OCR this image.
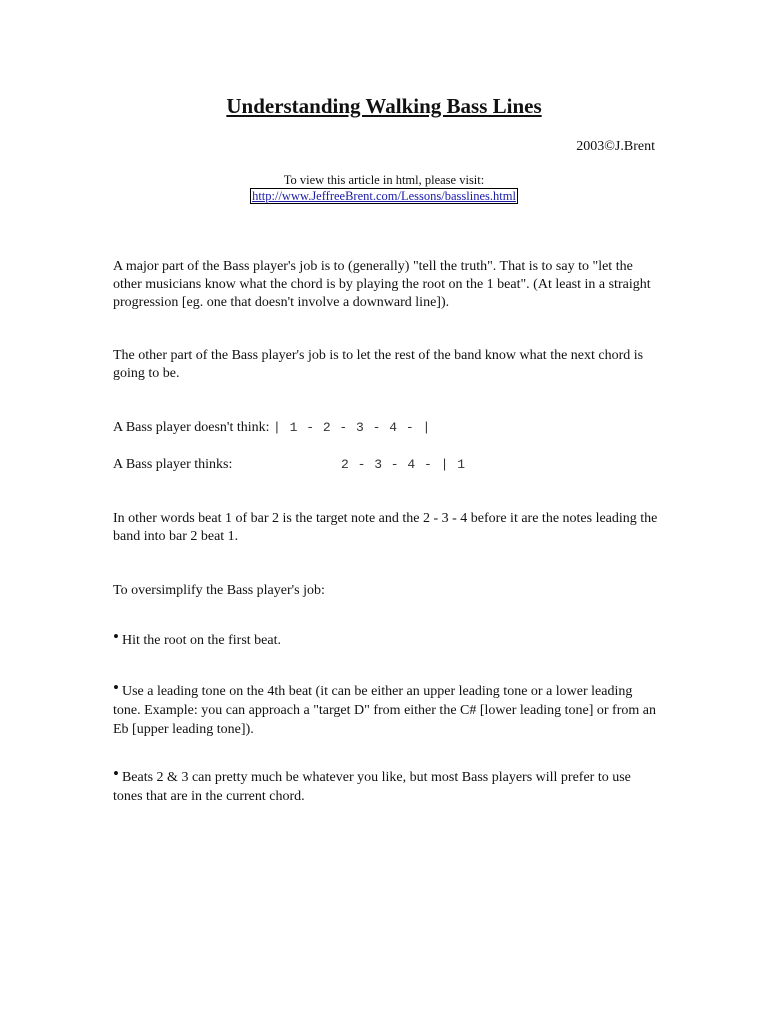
Understanding Walking Bass Lines
2003©J.Brent
To view this article in html, please visit:
http://www.JeffreeBrent.com/Lessons/basslines.html
A major part of the Bass player's job is to (generally) "tell the truth". That is to say to "let the other musicians know what the chord is by playing the root on the 1 beat". (At least in a straight progression [eg. one that doesn't involve a downward line]).
The other part of the Bass player's job is to let the rest of the band know what the next chord is going to be.
A Bass player doesn't think: | 1 - 2 - 3 - 4 - |
A Bass player thinks:	2 - 3 - 4 - | 1
In other words beat 1 of bar 2 is the target note and the 2 - 3 - 4 before it are the notes leading the band into bar 2 beat 1.
To oversimplify the Bass player's job:
• Hit the root on the first beat.
• Use a leading tone on the 4th beat (it can be either an upper leading tone or a lower leading tone. Example: you can approach a "target D" from either the C# [lower leading tone] or from an Eb [upper leading tone]).
• Beats 2 & 3 can pretty much be whatever you like, but most Bass players will prefer to use tones that are in the current chord.
